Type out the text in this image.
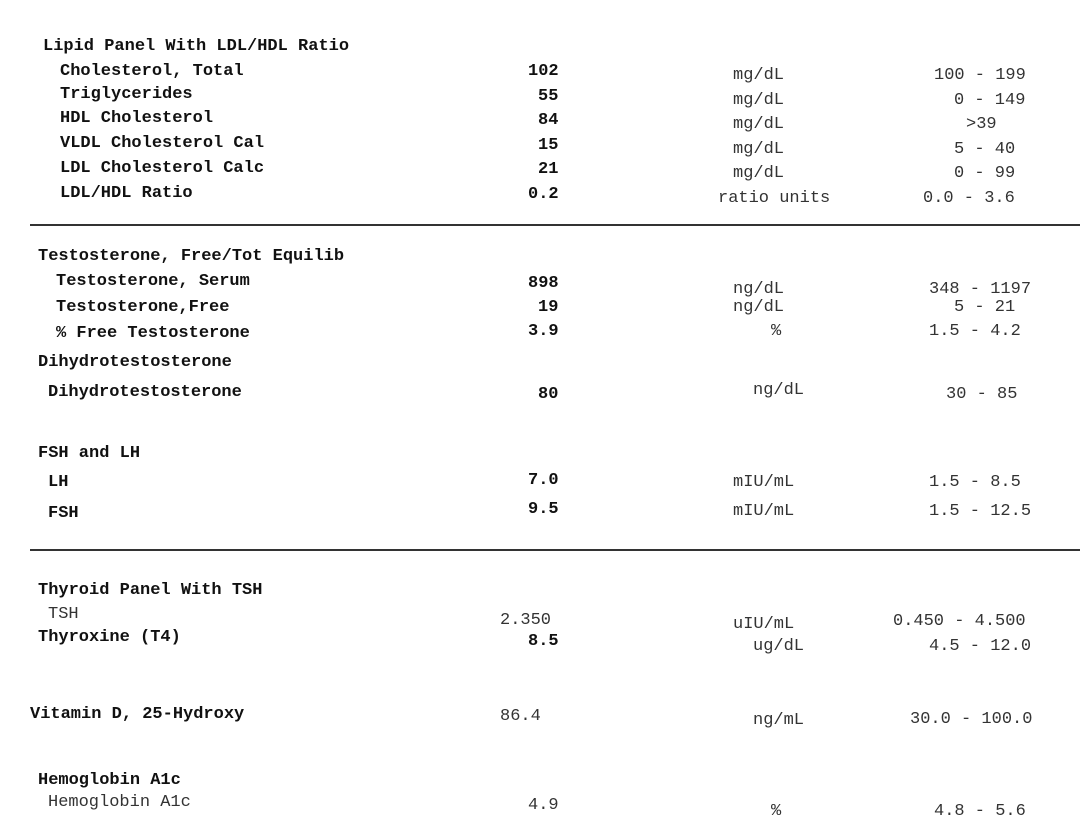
Lipid Panel With LDL/HDL Ratio
Cholesterol, Total	102	mg/dL	100 - 199
Triglycerides	55	mg/dL	0 - 149
HDL Cholesterol	84	mg/dL	>39
VLDL Cholesterol Cal	15	mg/dL	5 - 40
LDL Cholesterol Calc	21	mg/dL	0 - 99
LDL/HDL Ratio	0.2	ratio units	0.0 - 3.6
Testosterone, Free/Tot Equilib
Testosterone, Serum	898	ng/dL	348 - 1197
Testosterone,Free	19	ng/dL	5 - 21
% Free Testosterone	3.9	%	1.5 - 4.2
Dihydrotestosterone
Dihydrotestosterone	80	ng/dL	30 - 85
FSH and LH
LH	7.0	mIU/mL	1.5 - 8.5
FSH	9.5	mIU/mL	1.5 - 12.5
Thyroid Panel With TSH
TSH	2.350	uIU/mL	0.450 - 4.500
Thyroxine (T4)	8.5	ug/dL	4.5 - 12.0
Vitamin D, 25-Hydroxy	86.4	ng/mL	30.0 - 100.0
Hemoglobin A1c
Hemoglobin A1c	4.9	%	4.8 - 5.6
